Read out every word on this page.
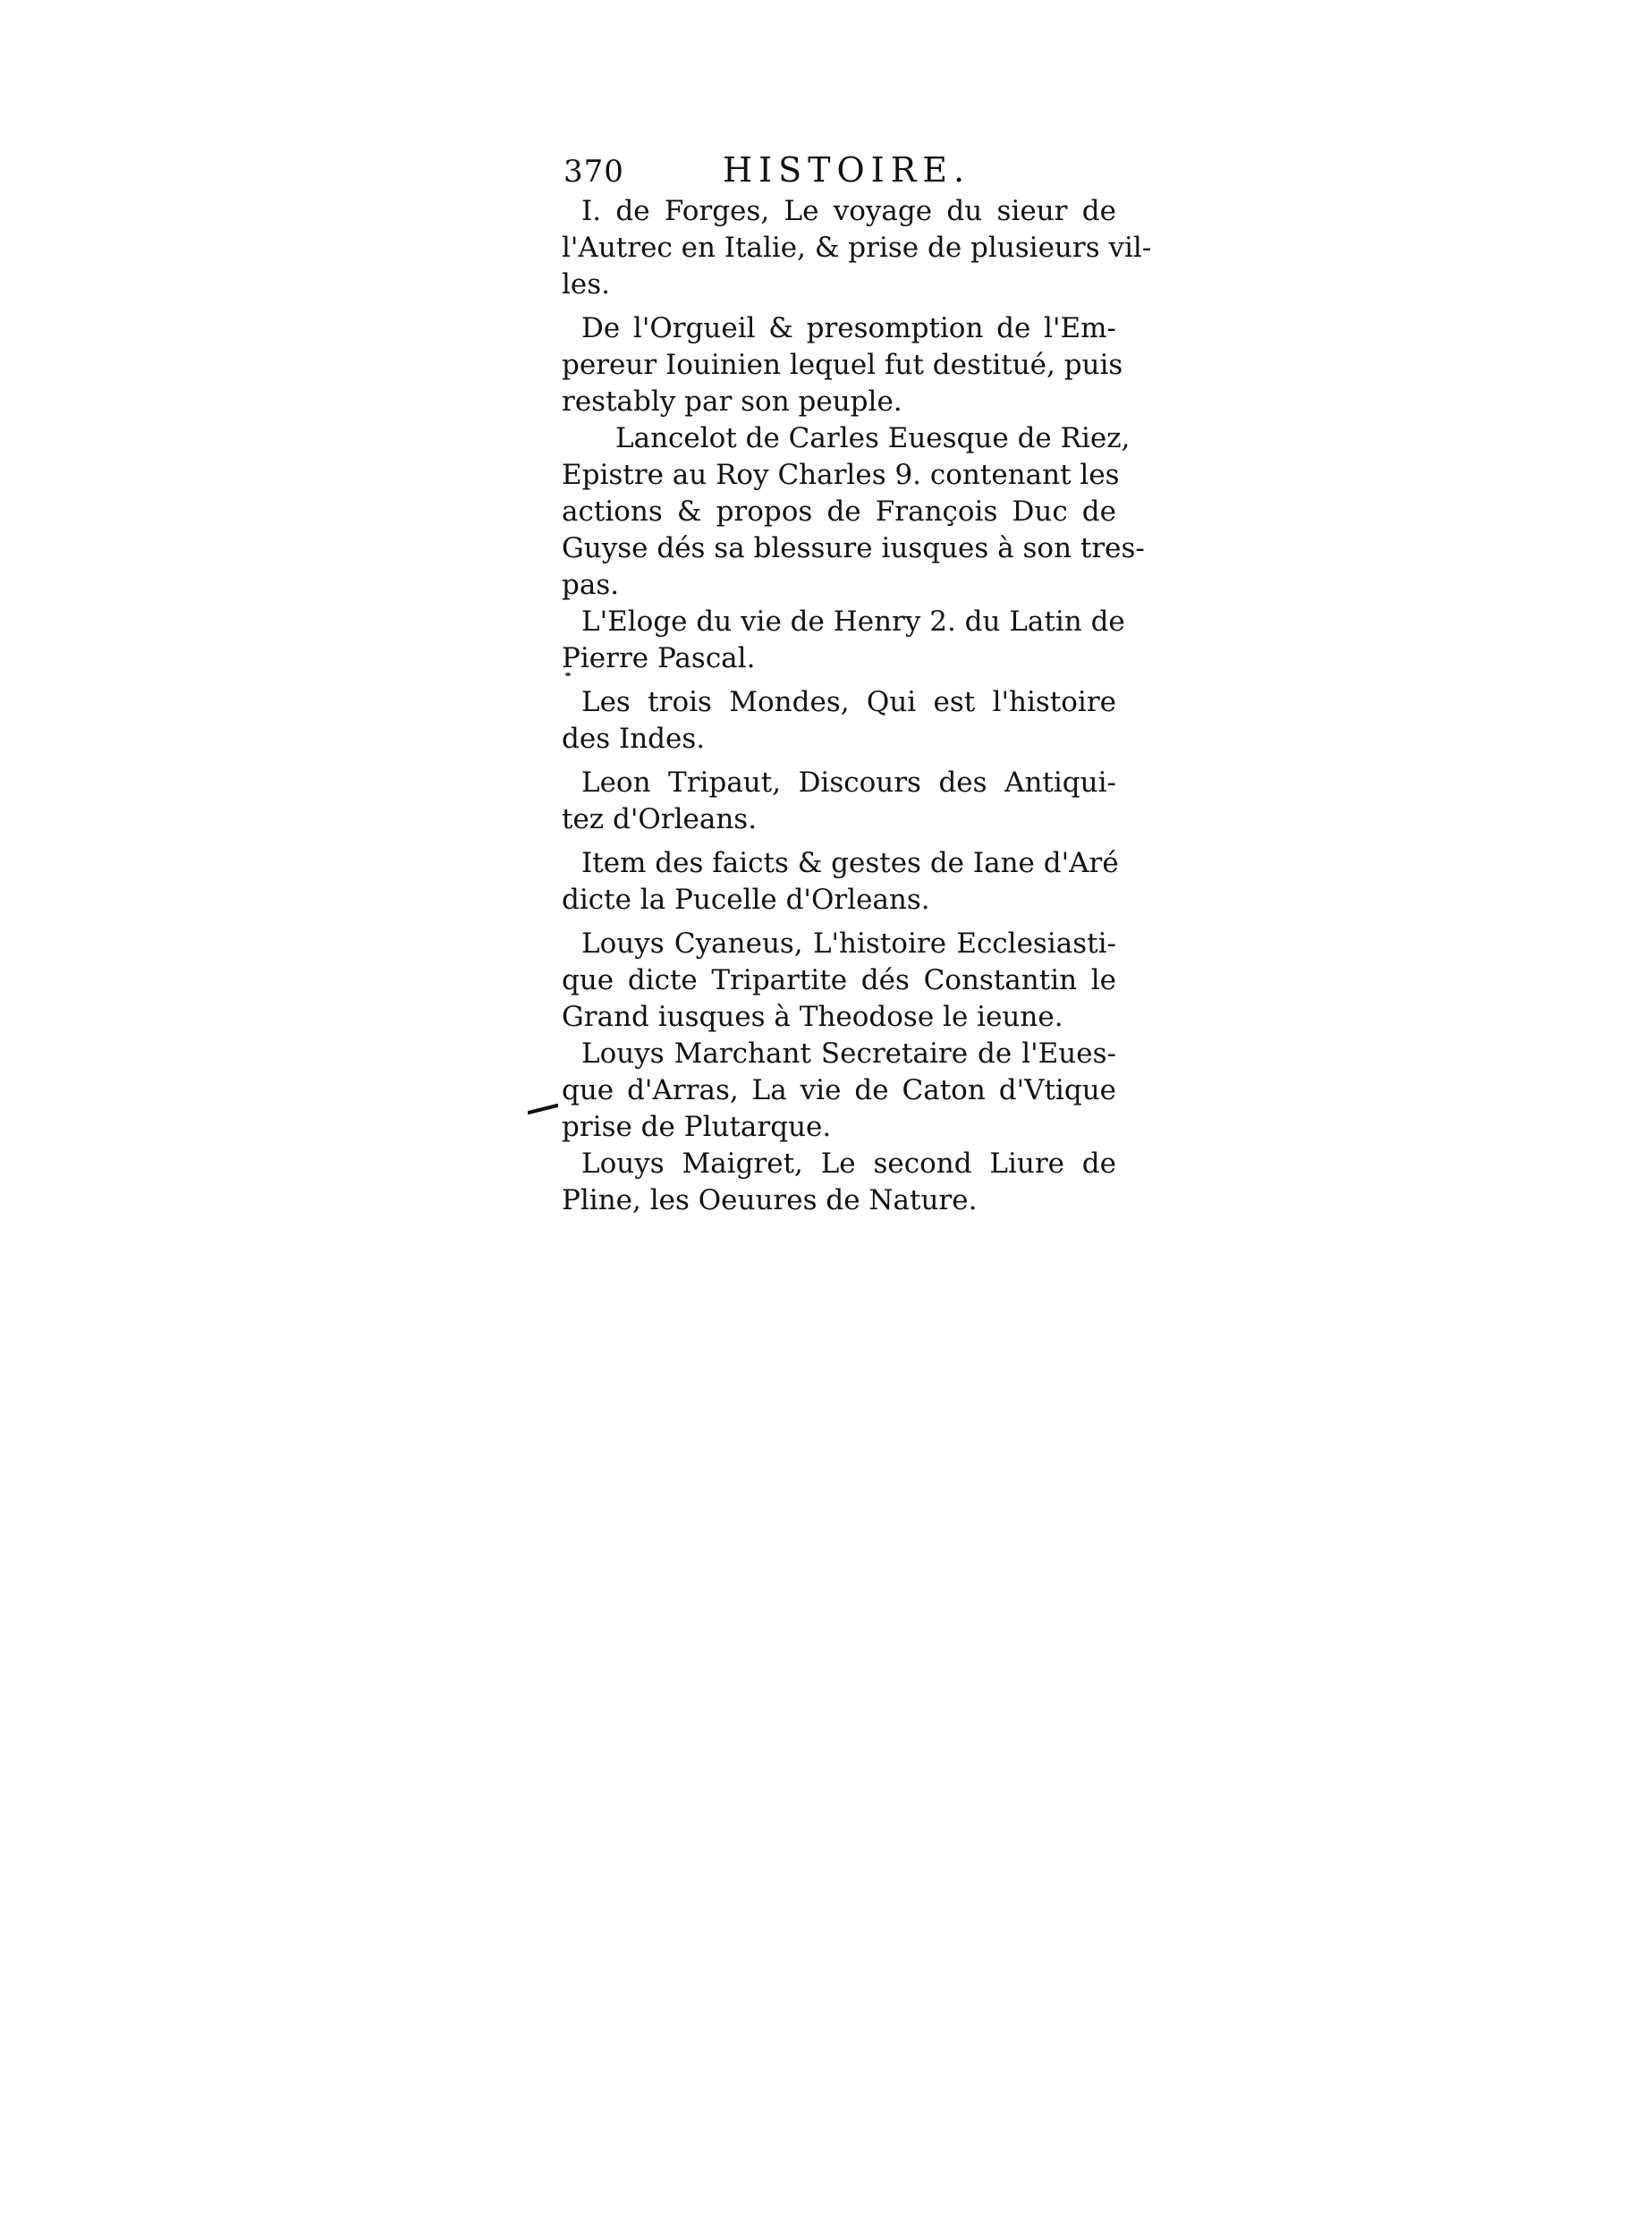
370	HISTOIRE.
I. de Forges, Le voyage du sieur de
l'Autrec en Italie, & prise de plusieurs vil-
les.
De l'Orgueil & presomption de l'Em-
pereur Iouinien lequel fut destitué, puis
restably par son peuple.
Lancelot de Carles Euesque de Riez,
Epistre au Roy Charles 9. contenant les
actions & propos de François Duc de
Guyse dés sa blessure iusques à son tres-
pas.
L'Eloge du vie de Henry 2. du Latin de
Pierre Pascal.
Les trois Mondes, Qui est l'histoire
des Indes.
Leon Tripaut, Discours des Antiqui-
tez d'Orleans.
Item des faicts & gestes de Iane d'Aré
dicte la Pucelle d'Orleans.
Louys Cyaneus, L'histoire Ecclesiasti-
que dicte Tripartite dés Constantin le
Grand iusques à Theodose le ieune.
Louys Marchant Secretaire de l'Eues-
que d'Arras, La vie de Caton d'Vtique
prise de Plutarque.
Louys Maigret, Le second Liure de
Pline, les Oeuures de Nature.
